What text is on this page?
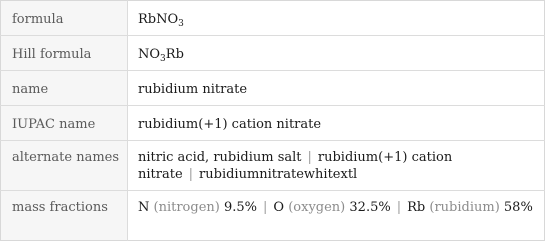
formula	RbNO$_3$
Hill formula	$NO_3Rb$
name	rubidium nitrate
IUPAC name	rubidium(+1) cation nitrate
alternate names	nitric acid, rubidium salt | rubidium(+1) cation nitrate | rubidiumnitratewhitextl
mass fractions	N (nitrogen) 9.5% | O (oxygen) 32.5% | Rb (rubidium) 58%
